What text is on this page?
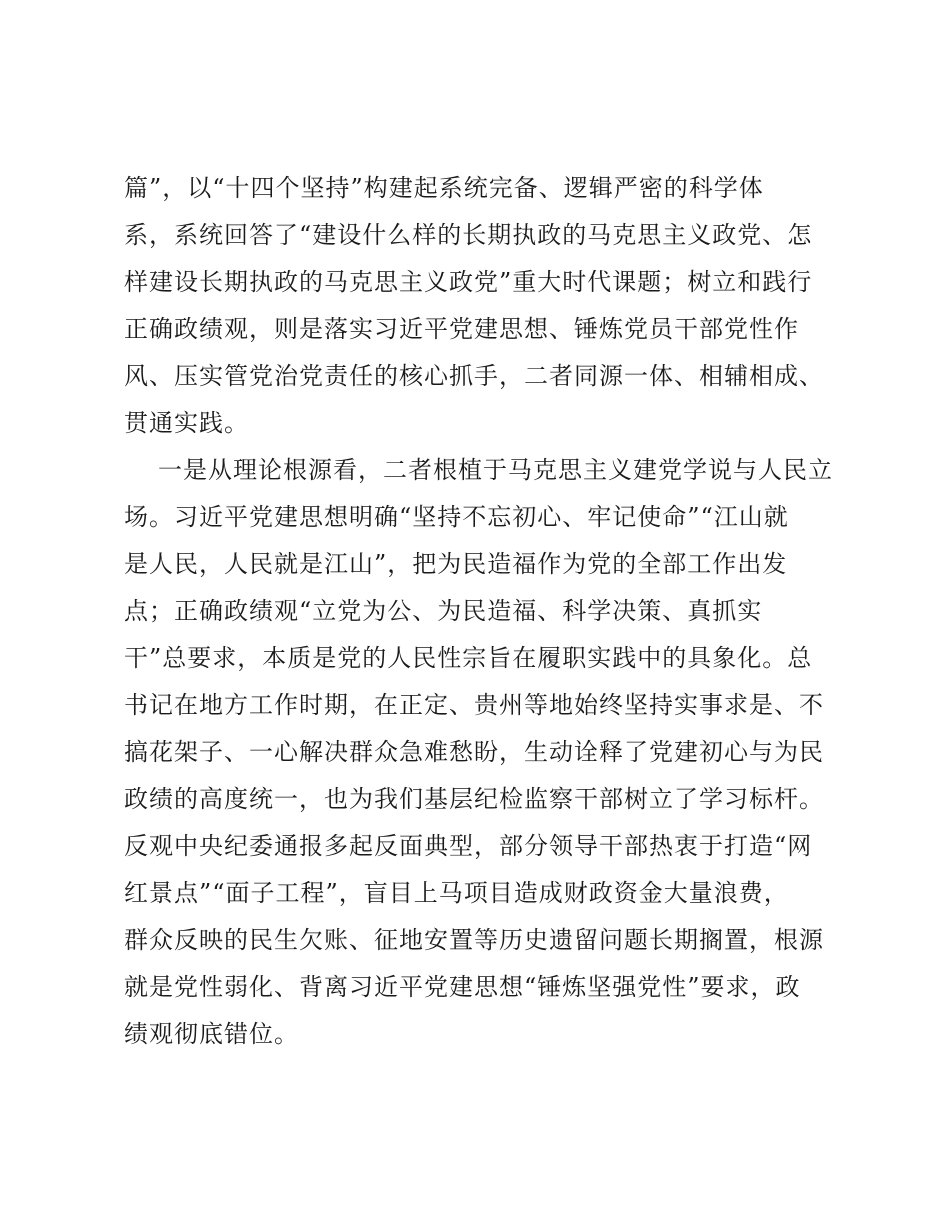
篇”，以“十四个坚持”构建起系统完备、逻辑严密的科学体
系，系统回答了“建设什么样的长期执政的马克思主义政党、怎
样建设长期执政的马克思主义政党”重大时代课题；树立和践行
正确政绩观，则是落实习近平党建思想、锤炼党员干部党性作
风、压实管党治党责任的核心抓手，二者同源一体、相辅相成、
贯通实践。
一是从理论根源看，二者根植于马克思主义建党学说与人民立
场。习近平党建思想明确“坚持不忘初心、牢记使命”“江山就
是人民，人民就是江山”，把为民造福作为党的全部工作出发
点；正确政绩观“立党为公、为民造福、科学决策、真抓实
干”总要求，本质是党的人民性宗旨在履职实践中的具象化。总
书记在地方工作时期，在正定、贵州等地始终坚持实事求是、不
搞花架子、一心解决群众急难愁盼，生动诠释了党建初心与为民
政绩的高度统一，也为我们基层纪检监察干部树立了学习标杆。
反观中央纪委通报多起反面典型，部分领导干部热衷于打造“网
红景点”“面子工程”，盲目上马项目造成财政资金大量浪费，
群众反映的民生欠账、征地安置等历史遗留问题长期搁置，根源
就是党性弱化、背离习近平党建思想“锤炼坚强党性”要求，政
绩观彻底错位。
